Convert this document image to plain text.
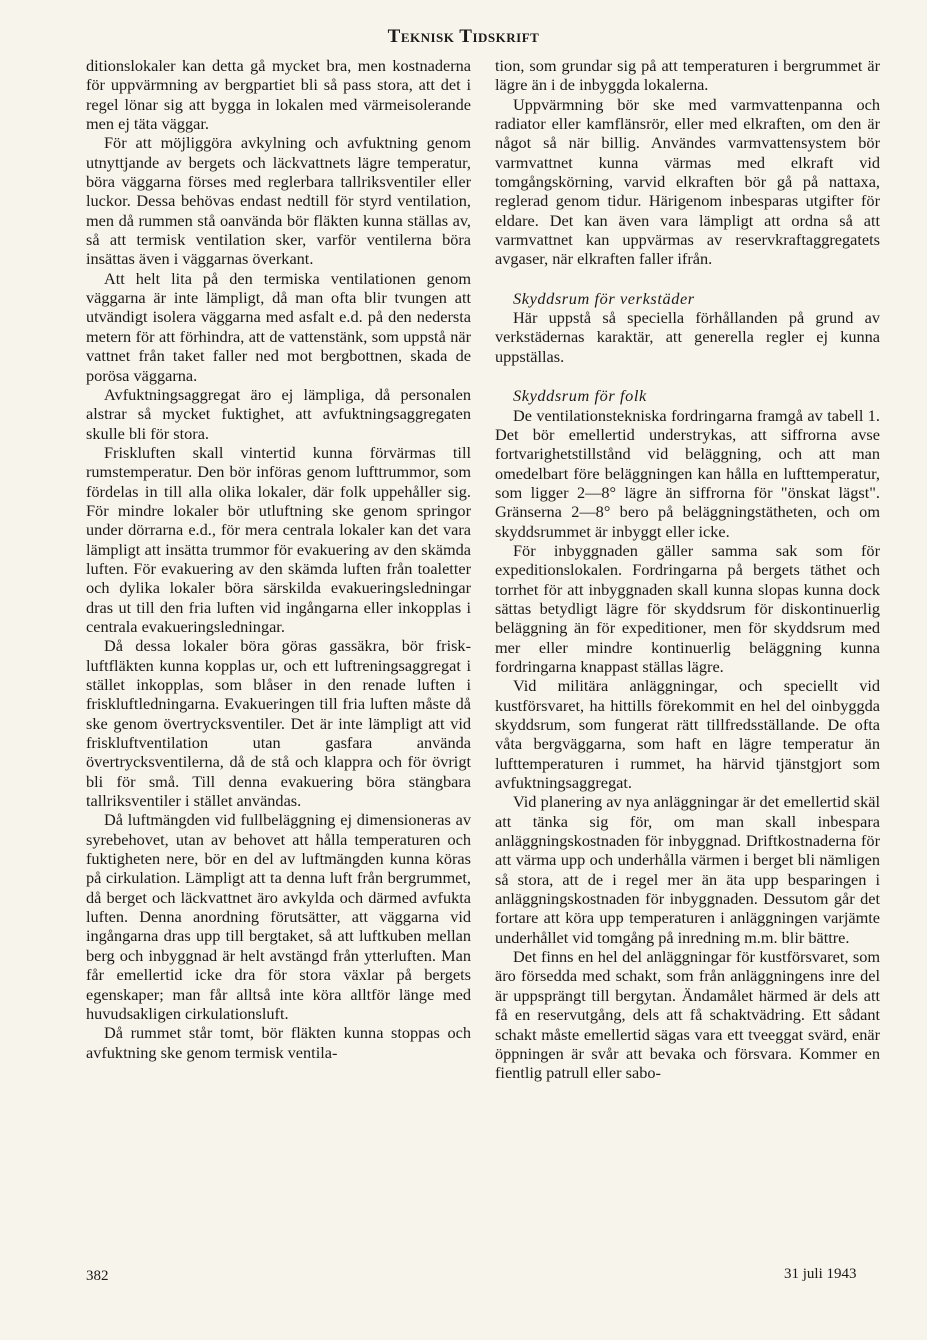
Teknisk Tidskrift

ditionslokaler kan detta gå mycket bra, men kostnaderna för uppvärmning av bergpartiet bli så pass stora, att det i regel lönar sig att bygga in lokalen med värmeisolerande men ej täta väggar.

För att möjliggöra avkylning och avfuktning genom utnyttjande av bergets och läckvattnets lägre temperatur, böra väggarna förses med reglerbara tallriksventiler eller luckor. Dessa behövas endast nedtill för styrd ventilation, men då rummen stå oanvända bör fläkten kunna ställas av, så att termisk ventilation sker, varför ventilerna böra insättas även i väggarnas överkant.

Att helt lita på den termiska ventilationen genom väggarna är inte lämpligt, då man ofta blir tvungen att utvändigt isolera väggarna med asfalt e.d. på den nedersta metern för att förhindra, att de vattenstänk, som uppstå när vattnet från taket faller ned mot bergbottnen, skada de porösa väggarna.

Avfuktningsaggregat äro ej lämpliga, då personalen alstrar så mycket fuktighet, att avfuktningsaggregaten skulle bli för stora.

Friskluften skall vintertid kunna förvärmas till rumstemperatur. Den bör införas genom lufttrummor, som fördelas in till alla olika lokaler, där folk uppehåller sig. För mindre lokaler bör utluftning ske genom springor under dörrarna e.d., för mera centrala lokaler kan det vara lämpligt att insätta trummor för evakuering av den skämda luften. För evakuering av den skämda luften från toaletter och dylika lokaler böra särskilda evakueringsledningar dras ut till den fria luften vid ingångarna eller inkopplas i centrala evakueringsledningar.

Då dessa lokaler böra göras gassäkra, bör frisk-luftfläkten kunna kopplas ur, och ett luftreningsaggregat i stället inkopplas, som blåser in den renade luften i friskluftledningarna. Evakueringen till fria luften måste då ske genom övertrycksventiler. Det är inte lämpligt att vid friskluftventilation utan gasfara använda övertrycksventilerna, då de stå och klappra och för övrigt bli för små. Till denna evakuering böra stängbara tallriksventiler i stället användas.

Då luftmängden vid fullbeläggning ej dimensioneras av syrebehovet, utan av behovet att hålla temperaturen och fuktigheten nere, bör en del av luftmängden kunna köras på cirkulation. Lämpligt att ta denna luft från bergrummet, då berget och läckvattnet äro avkylda och därmed avfukta luften. Denna anordning förutsätter, att väggarna vid ingångarna dras upp till bergtaket, så att luftkuben mellan berg och inbyggnad är helt avstängd från ytterluften. Man får emellertid icke dra för stora växlar på bergets egenskaper; man får alltså inte köra alltför länge med huvudsakligen cirkulationsluft.

Då rummet står tomt, bör fläkten kunna stoppas och avfuktning ske genom termisk ventila-

tion, som grundar sig på att temperaturen i bergrummet är lägre än i de inbyggda lokalerna.

Uppvärmning bör ske med varmvattenpanna och radiator eller kamflänsrör, eller med elkraften, om den är något så när billig. Användes varmvattensystem bör varmvattnet kunna värmas med elkraft vid tomgångskörning, varvid elkraften bör gå på nattaxa, reglerad genom tidur. Härigenom inbesparas utgifter för eldare. Det kan även vara lämpligt att ordna så att varmvattnet kan uppvärmas av reservkraftaggregatets avgaser, när elkraften faller ifrån.

Skyddsrum för verkstäder

Här uppstå så speciella förhållanden på grund av verkstädernas karaktär, att generella regler ej kunna uppställas.

Skyddsrum för folk

De ventilationstekniska fordringarna framgå av tabell 1. Det bör emellertid understrykas, att siffrorna avse fortvarighetstillstånd vid beläggning, och att man omedelbart före beläggningen kan hålla en lufttemperatur, som ligger 2—8° lägre än siffrorna för "önskat lägst". Gränserna 2—8° bero på beläggningstätheten, och om skyddsrummet är inbyggt eller icke.

För inbyggnaden gäller samma sak som för expeditionslokalen. Fordringarna på bergets täthet och torrhet för att inbyggnaden skall kunna slopas kunna dock sättas betydligt lägre för skyddsrum för diskontinuerlig beläggning än för expeditioner, men för skyddsrum med mer eller mindre kontinuerlig beläggning kunna fordringarna knappast ställas lägre.

Vid militära anläggningar, och speciellt vid kustförsvaret, ha hittills förekommit en hel del oinbyggda skyddsrum, som fungerat rätt tillfredsställande. De ofta våta bergväggarna, som haft en lägre temperatur än lufttemperaturen i rummet, ha härvid tjänstgjort som avfuktningsaggregat.

Vid planering av nya anläggningar är det emellertid skäl att tänka sig för, om man skall inbespara anläggningskostnaden för inbyggnad. Driftkostnaderna för att värma upp och underhålla värmen i berget bli nämligen så stora, att de i regel mer än äta upp besparingen i anläggningskostnaden för inbyggnaden. Dessutom går det fortare att köra upp temperaturen i anläggningen varjämte underhållet vid tomgång på inredning m.m. blir bättre.

Det finns en hel del anläggningar för kustförsvaret, som äro försedda med schakt, som från anläggningens inre del är uppsprängt till bergytan. Ändamålet härmed är dels att få en reservutgång, dels att få schaktvädring. Ett sådant schakt måste emellertid sägas vara ett tveeggat svärd, enär öppningen är svår att bevaka och försvara. Kommer en fientlig patrull eller sabo-

382	31 juli 1943
